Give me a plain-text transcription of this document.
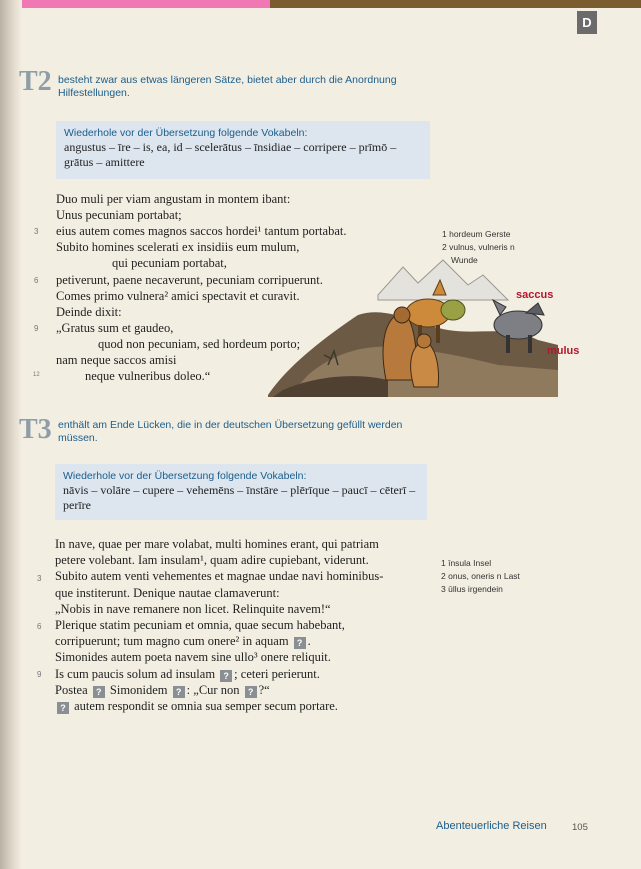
D
T2 besteht zwar aus etwas längeren Sätze, bietet aber durch die Anordnung
Hilfestellungen.
Wiederhole vor der Übersetzung folgende Vokabeln:
angustus – īre – is, ea, id – scelerātus – īnsidiae – corripere – prīmō –
grātus – amittere
Duo muli per viam angustam in montem ibant:
Unus pecuniam portabat;
eius autem comes magnos saccos hordei¹ tantum portabat.
Subito homines scelerati ex insidiis eum mulum,
qui pecuniam portabat,
petiverunt, paene necaverunt, pecuniam corripuerunt.
Comes primo vulnera² amici spectavit et curavit.
Deinde dixit:
„Gratus sum et gaudeo,
quod non pecuniam, sed hordeum porto;
nam neque saccos amisi
neque vulneribus doleo.“
3
6
9
12
1 hordeum Gerste
2 vulnus, vulneris n
Wunde
saccus
mulus
T3 enthält am Ende Lücken, die in der deutschen Übersetzung gefüllt werden
müssen.
Wiederhole vor der Übersetzung folgende Vokabeln:
nāvis – volāre – cupere – vehemēns – īnstāre – plērīque – paucī – cēterī –
perīre
In nave, quae per mare volabat, multi homines erant, qui patriam
petere volebant. Iam insulam¹, quam adire cupiebant, viderunt.
Subito autem venti vehementes et magnae undae navi hominibus-
que institerunt. Denique nautae clamaverunt:
„Nobis in nave remanere non licet. Relinquite navem!“
Plerique statim pecuniam et omnia, quae secum habebant,
corripuerunt; tum magno cum onere² in aquam ? .
Simonides autem poeta navem sine ullo³ onere reliquit.
Is cum paucis solum ad insulam ? ; ceteri perierunt.
Postea ? Simonidem ? : „Cur non ? ?“
? autem respondit se omnia sua semper secum portare.
3
6
9
1 īnsula Insel
2 onus, oneris n Last
3 ūllus irgendein
Abenteuerliche Reisen	105
